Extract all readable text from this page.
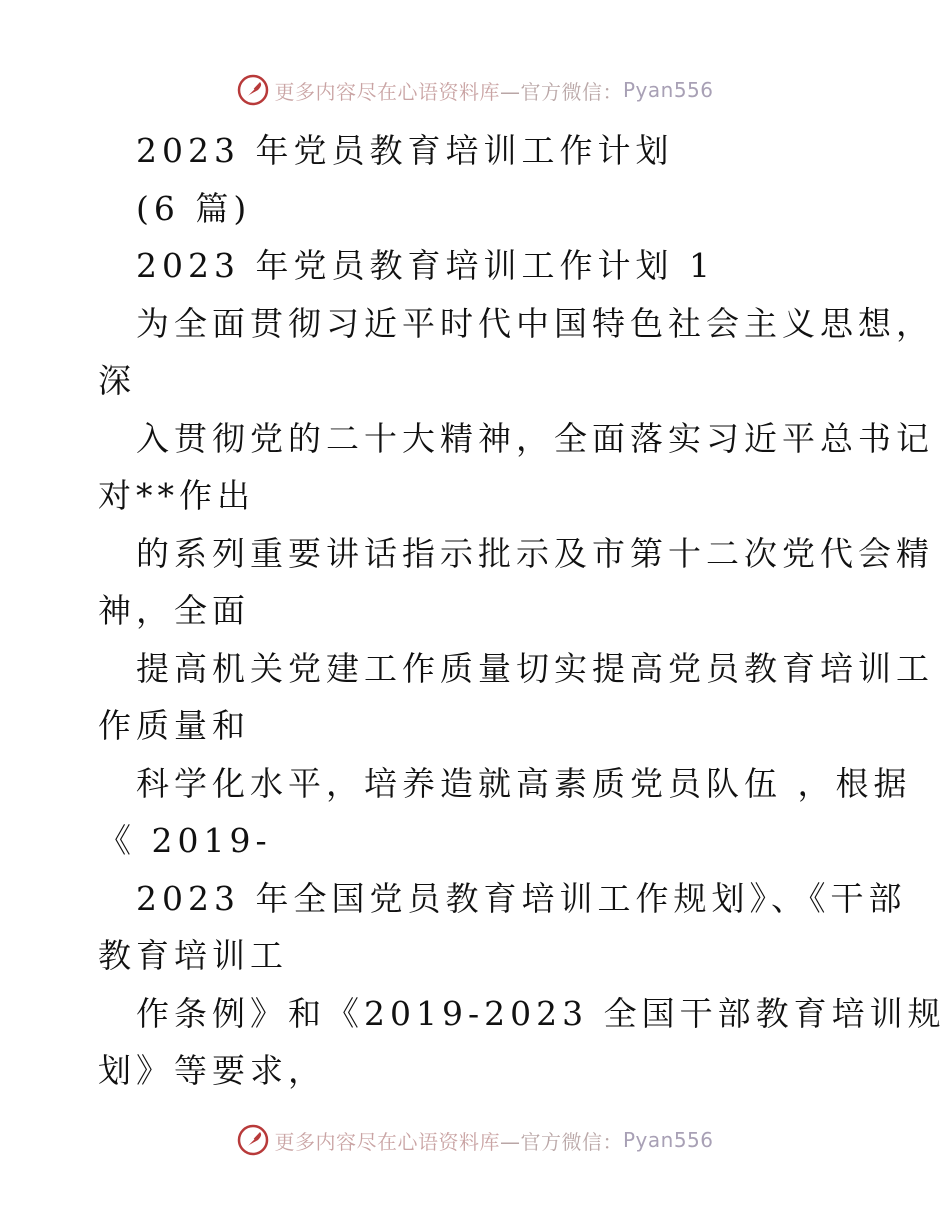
更多内容尽在心语资料库 —官方微信： Pyan556
2023 年党员教育培训工作计划
(6 篇)
2023 年党员教育培训工作计划 1
为全面贯彻习近平时代中国特色社会主义思想，
深
入贯彻党的二十大精神，全面落实习近平总书记
对**作出
的系列重要讲话指示批示及市第十二次党代会精
神，全面
提高机关党建工作质量切实提高党员教育培训工
作质量和
科学化水平，培养造就高素质党员队伍 ，根据
《 2019-
2023 年全国党员教育培训工作规划》、《干部
教育培训工
作条例》和《2019-2023 全国干部教育培训规
划》等要求，
更多内容尽在心语资料库 —官方微信： Pyan556
